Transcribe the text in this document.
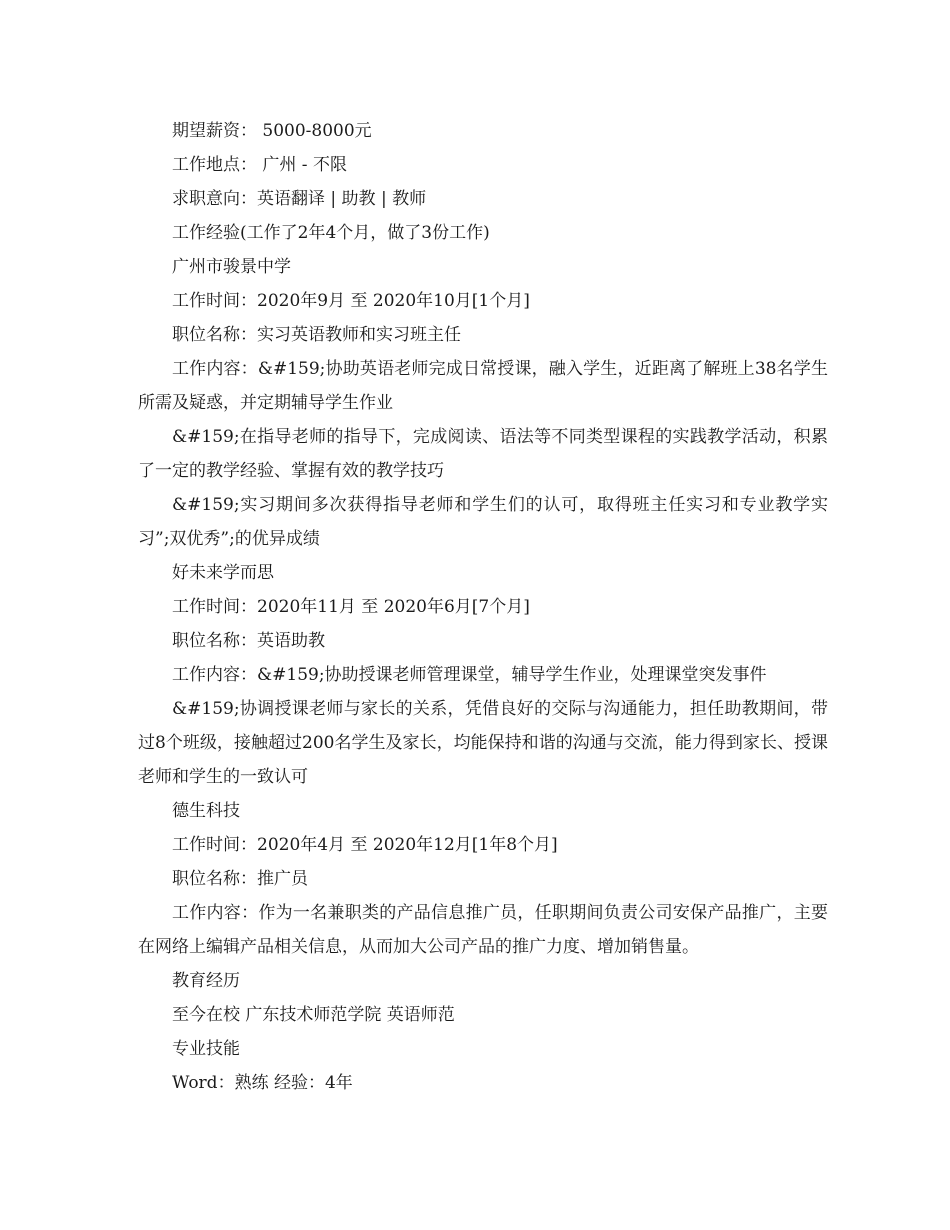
期望薪资： 5000-8000元

工作地点： 广州 - 不限

求职意向：英语翻译 | 助教 | 教师

工作经验(工作了2年4个月，做了3份工作)

广州市骏景中学

工作时间：2020年9月 至 2020年10月[1个月]

职位名称：实习英语教师和实习班主任

工作内容：&#159;协助英语老师完成日常授课，融入学生，近距离了解班上38名学生所需及疑惑，并定期辅导学生作业

&#159;在指导老师的指导下，完成阅读、语法等不同类型课程的实践教学活动，积累了一定的教学经验、掌握有效的教学技巧

&#159;实习期间多次获得指导老师和学生们的认可，取得班主任实习和专业教学实习”;双优秀”;的优异成绩

好未来学而思

工作时间：2020年11月 至 2020年6月[7个月]

职位名称：英语助教

工作内容：&#159;协助授课老师管理课堂，辅导学生作业，处理课堂突发事件

&#159;协调授课老师与家长的关系，凭借良好的交际与沟通能力，担任助教期间，带过8个班级，接触超过200名学生及家长，均能保持和谐的沟通与交流，能力得到家长、授课老师和学生的一致认可

德生科技

工作时间：2020年4月 至 2020年12月[1年8个月]

职位名称：推广员

工作内容：作为一名兼职类的产品信息推广员，任职期间负责公司安保产品推广，主要在网络上编辑产品相关信息，从而加大公司产品的推广力度、增加销售量。

教育经历

至今在校 广东技术师范学院 英语师范

专业技能

Word：熟练 经验：4年
